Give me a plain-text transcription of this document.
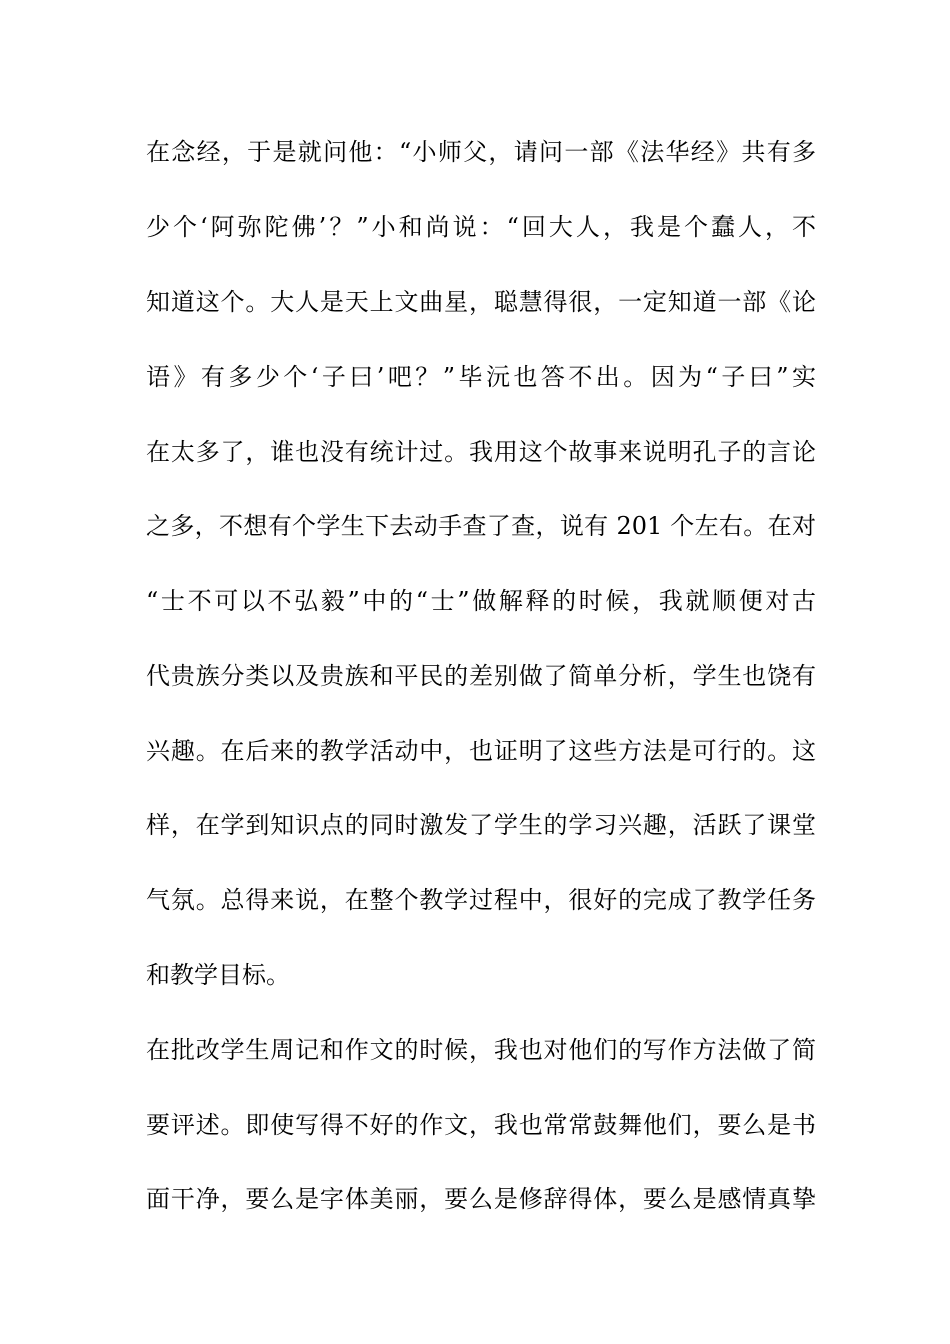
在念经，于是就问他：“小师父，请问一部《法华经》共有多
少个‘阿弥陀佛’？”小和尚说：“回大人，我是个蠢人，不
知道这个。大人是天上文曲星，聪慧得很，一定知道一部《论
语》有多少个‘子曰’吧？”毕沅也答不出。因为“子曰”实
在太多了，谁也没有统计过。我用这个故事来说明孔子的言论
之多，不想有个学生下去动手查了查，说有 201 个左右。在对
“士不可以不弘毅”中的“士”做解释的时候，我就顺便对古
代贵族分类以及贵族和平民的差别做了简单分析，学生也饶有
兴趣。在后来的教学活动中，也证明了这些方法是可行的。这
样，在学到知识点的同时激发了学生的学习兴趣，活跃了课堂
气氛。总得来说，在整个教学过程中，很好的完成了教学任务
和教学目标。
在批改学生周记和作文的时候，我也对他们的写作方法做了简
要评述。即使写得不好的作文，我也常常鼓舞他们，要么是书
面干净，要么是字体美丽，要么是修辞得体，要么是感情真挚
